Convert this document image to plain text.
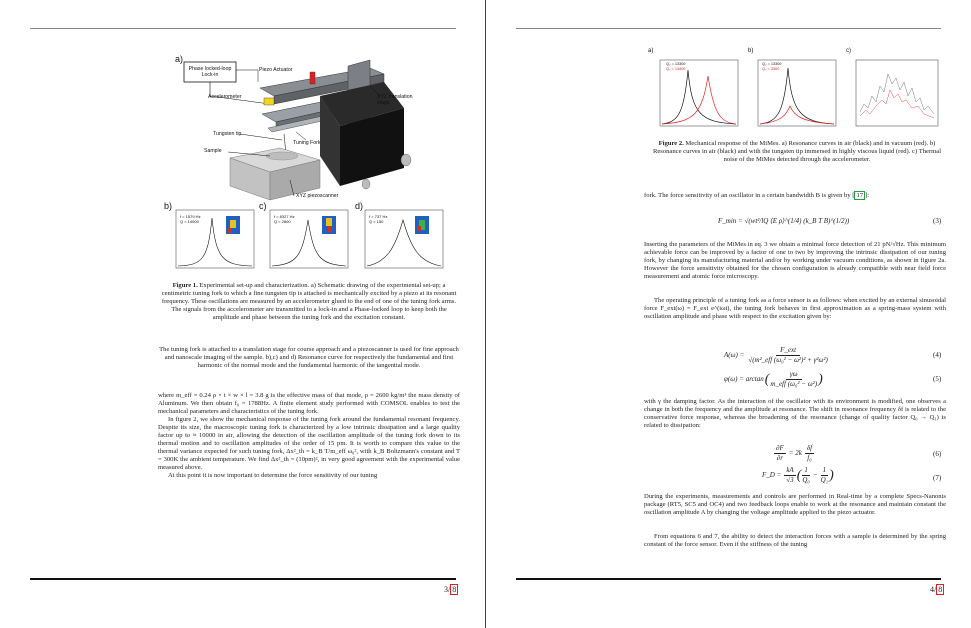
a)
Phase locked-loop
Lock-in
Piezo Actuator
Accelerometer	XYZ translation
stage
Tungsten tip
Tuning Fork
Sample
XYZ piezoscanner
b)	c)	d)
f = 1579 Hz
Q = 14000
f = 8327 Hz
Q = 2800
f = 737 Hz
Q = 150
Figure 1. Experimental set-up and characterization. a) Schematic drawing of the experimental set-up; a centimetric tuning fork to which a fine tungsten tip is attached is mechanically excited by a piezo at its resonant frequency. These oscillations are measured by an accelerometer glued to the end of one of the tuning fork arms. The signals from the accelerometer are transmitted to a lock-in and a Phase-locked loop to keep both the amplitude and phase between the tuning fork and the excitation constant.
The tuning fork is attached to a translation stage for course approach and a piezoscanner is used for fine approach and nanoscale imaging of the sample. b),c) and d) Resonance curve for respectively the fundamental and first harmonic of the normal mode and the fundamental harmonic of the tangential mode.

where m_eff = 0.24 ρ × t × w × l = 3.8 g is the effective mass of that mode, ρ = 2600 kg/m³ the mass density of Aluminum. We then obtain f₀ = 1788Hz. A finite element study performed with COMSOL enables to test the mechanical parameters and characteristics of the tuning fork.

In figure 2, we show the mechanical response of the tuning fork around the fundamental resonant frequency. Despite its size, the macroscopic tuning fork is characterized by a low intrinsic dissipation and a large quality factor up to ≈ 10000 in air, allowing the detection of the oscillation amplitude of the tuning fork down to its thermal motion and to oscillation amplitudes of the order of 15 pm. It is worth to compare this value to the thermal variance expected for such tuning fork, Δx²_th = k_B T/m_eff ω₀², with k_B Boltzmann's constant and T = 300K the ambient temperature. We find Δx²_th = (10pm)², in very good agreement with the experimental value measured above.

At this point it is now important to determine the force sensitivity of our tuning

3/ 8
a)	b)	c)
Q₀ = 13300
Q₀ = 14400
Q₀ = 13300
Q₀ = 3300
Figure 2. Mechanical response of the MiMes. a) Resonance curves in air (black) and in vacuum (red). b) Resonance curves in air (black) and with the tungsten tip immersed in highly viscous liquid (red). c) Thermal noise of the MiMes detected through the accelerometer.
fork. The force sensitivity of an oscillator in a certain bandwidth B is given by [ 17 ]:
F_min = √(wt²/lQ ⟨E ρ⟩^(1/4) (k_B T B)^(1/2))	(3)
Inserting the parameters of the MiMes in eq. 3 we obtain a minimal force detection of 21 pN/√Hz. This minimum achievable force can be improved by a factor of one to two by improving the intrinsic dissipation of our tuning fork, by changing its manufacturing material and/or by working under vacuum conditions, as shown in figure 2a. However the force sensitivity obtained for the chosen configuration is already compatible with near field force measurement and atomic force microscopy.
The operating principle of a tuning fork as a force sensor is as follows: when excited by an external sinusoidal force F_ext(ω) = F_ext e^(iωt), the tuning fork behaves in first approximation as a spring-mass system with oscillation amplitude and phase with respect to the excitation given by:
A(ω) =
F_ext
√(m²_eff (ω₀² − ω²)² + γ²ω²)
(4)
φ(ω) = arctan (	γω
m_eff (ω₀² − ω²) )	(5)
with γ the damping factor. As the interaction of the oscillator with its environment is modified, one observes a change in both the frequency and the amplitude at resonance. The shift in resonance frequency δf is related to the conservative force response, whereas the broadening of the resonance (change of quality factor Q₀ → Q₁) is related to dissipation:
$\frac{\partial F}{\partial r} = 2k \frac{\delta f}{\text{f₀}}$	(6)
F_D = $\frac{kA}{√3}$ ( $\frac{1}{\text{Q₀}} - \frac{1}{\text{Q₁}}$ )	(7)
During the experiments, measurements and controls are performed in Real-time by a complete Specs-Nanonis package (RT5, SC5 and OC4) and two feedback loops enable to work at the resonance and maintain constant the oscillation amplitude A by changing the voltage amplitude applied to the piezo actuator.
From equations 6 and 7, the ability to detect the interaction forces with a sample is determined by the spring constant of the force sensor. Even if the stiffness of the tuning
4/ 8
